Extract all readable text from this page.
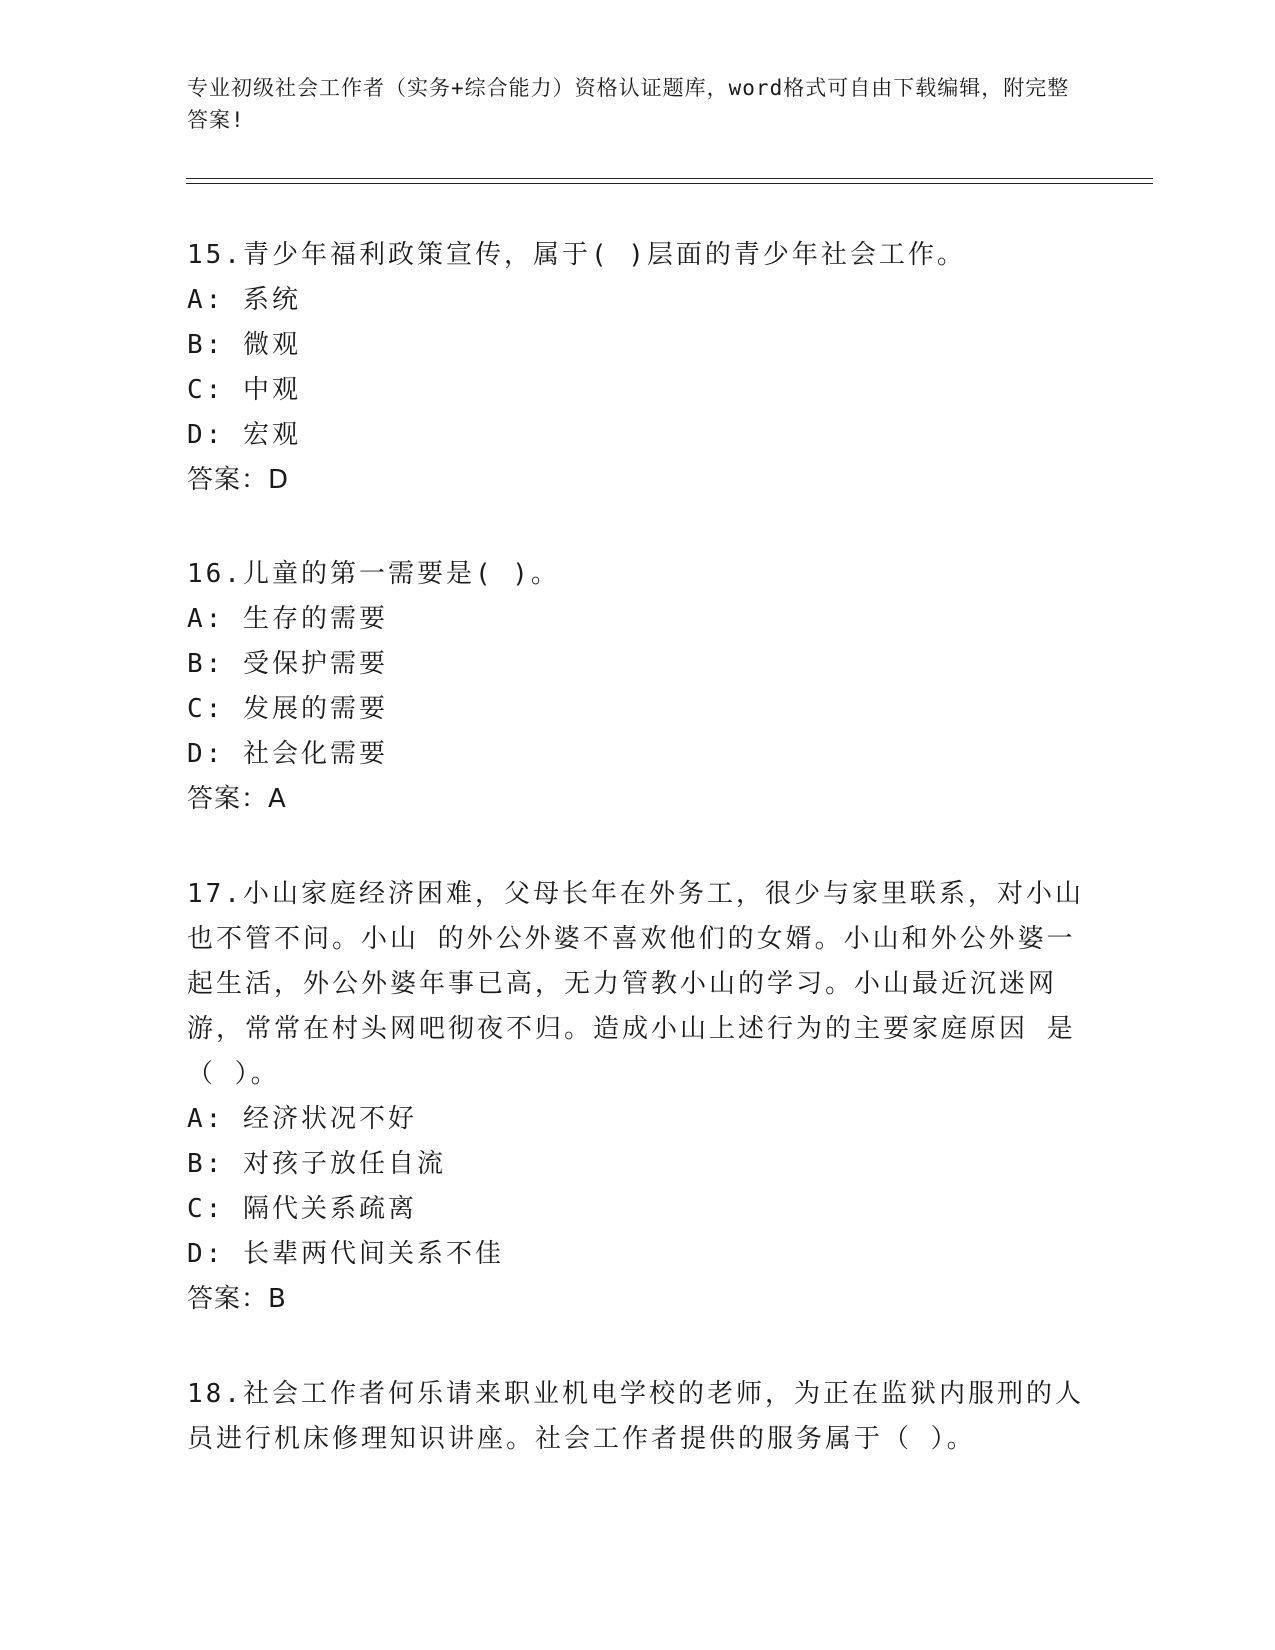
专业初级社会工作者（实务+综合能力）资格认证题库，word格式可自由下载编辑，附完整答案!
15.青少年福利政策宣传，属于( )层面的青少年社会工作。
A: 系统
B: 微观
C: 中观
D: 宏观
答案：D
16.儿童的第一需要是( )。
A: 生存的需要
B: 受保护需要
C: 发展的需要
D: 社会化需要
答案：A
17.小山家庭经济困难，父母长年在外务工，很少与家里联系，对小山也不管不问。小山 的外公外婆不喜欢他们的女婿。小山和外公外婆一起生活，外公外婆年事已高，无力管教小山的学习。小山最近沉迷网游，常常在村头网吧彻夜不归。造成小山上述行为的主要家庭原因 是（ ）。
A: 经济状况不好
B: 对孩子放任自流
C: 隔代关系疏离
D: 长辈两代间关系不佳
答案：B
18.社会工作者何乐请来职业机电学校的老师，为正在监狱内服刑的人员进行机床修理知识讲座。社会工作者提供的服务属于（ ）。
